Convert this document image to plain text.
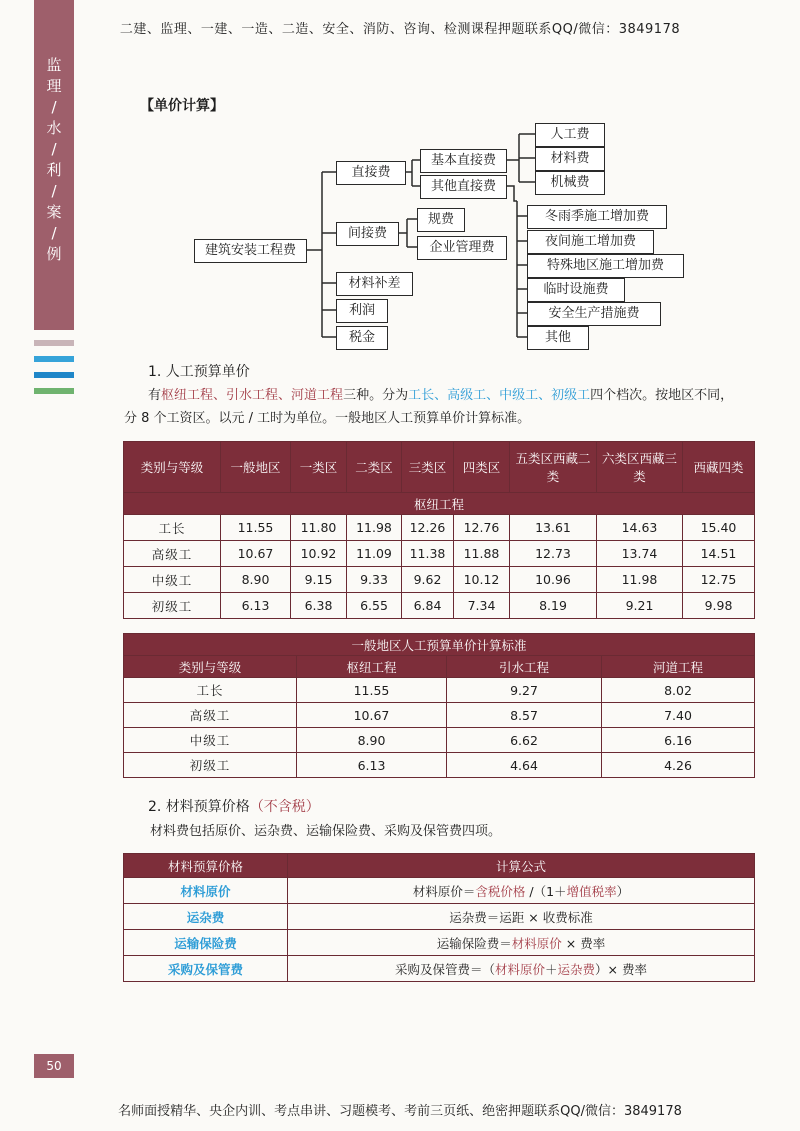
二建、监理、一建、一造、二造、安全、消防、咨询、检测课程押题联系QQ/微信：3849178
监
理
/
水
/
利
/
案
/
例
【单价计算】
建筑安装工程费
直接费
间接费
材料补差
利润
税金
基本直接费
其他直接费
规费
企业管理费
人工费
材料费
机械费
冬雨季施工增加费
夜间施工增加费
特殊地区施工增加费
临时设施费
安全生产措施费
其他
1. 人工预算单价
有枢纽工程、引水工程、河道工程三种。分为工长、高级工、中级工、初级工四个档次。按地区不同，
分 8 个工资区。以元 / 工时为单位。一般地区人工预算单价计算标准。
类别与等级	一般地区	一类区	二类区	三类区	四类区	五类区西藏二类	六类区西藏三类	西藏四类
枢纽工程								
工长	11.55	11.80	11.98	12.26	12.76	13.61	14.63	15.40
高级工	10.67	10.92	11.09	11.38	11.88	12.73	13.74	14.51
中级工	8.90	9.15	9.33	9.62	10.12	10.96	11.98	12.75
初级工	6.13	6.38	6.55	6.84	7.34	8.19	9.21	9.98
一般地区人工预算单价计算标准			
类别与等级	枢纽工程	引水工程	河道工程
工长	11.55	9.27	8.02
高级工	10.67	8.57	7.40
中级工	8.90	6.62	6.16
初级工	6.13	4.64	4.26
2. 材料预算价格（不含税）
材料费包括原价、运杂费、运输保险费、采购及保管费四项。
材料预算价格	计算公式
材料原价	材料原价＝含税价格 /（1＋增值税率）
运杂费	运杂费＝运距 × 收费标准
运输保险费	运输保险费＝材料原价 × 费率
采购及保管费	采购及保管费＝（材料原价＋运杂费）× 费率
50
名师面授精华、央企内训、考点串讲、习题模考、考前三页纸、绝密押题联系QQ/微信：3849178
